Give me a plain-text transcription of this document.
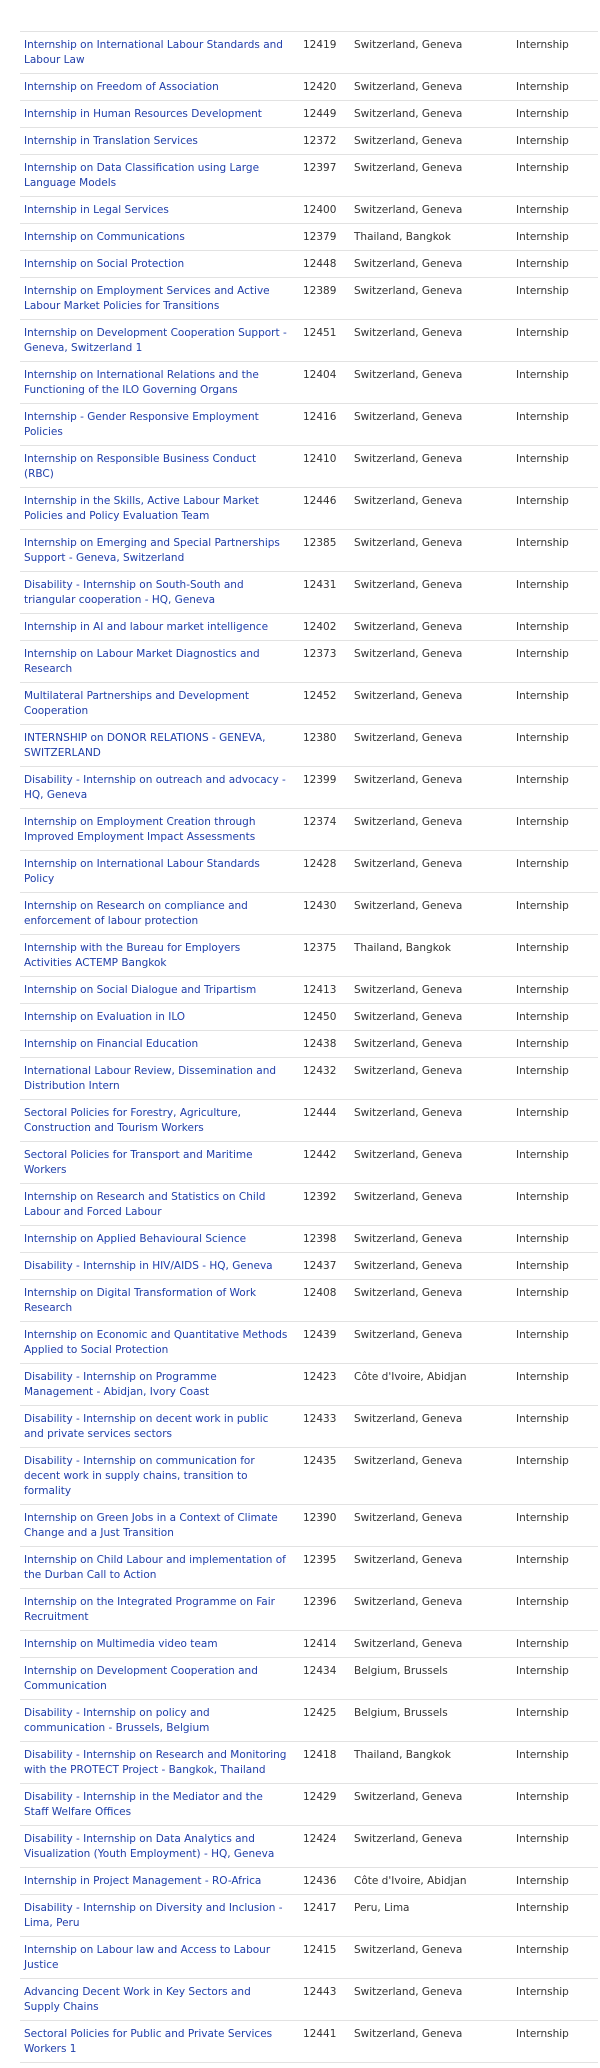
Internship on International Labour Standards and Labour Law	12419	Switzerland, Geneva	Internship

Internship on Freedom of Association	12420	Switzerland, Geneva	Internship

Internship in Human Resources Development	12449	Switzerland, Geneva	Internship

Internship in Translation Services	12372	Switzerland, Geneva	Internship

Internship on Data Classification using Large Language Models	12397	Switzerland, Geneva	Internship

Internship in Legal Services	12400	Switzerland, Geneva	Internship

Internship on Communications	12379	Thailand, Bangkok	Internship

Internship on Social Protection	12448	Switzerland, Geneva	Internship

Internship on Employment Services and Active Labour Market Policies for Transitions	12389	Switzerland, Geneva	Internship

Internship on Development Cooperation Support - Geneva, Switzerland 1	12451	Switzerland, Geneva	Internship

Internship on International Relations and the Functioning of the ILO Governing Organs	12404	Switzerland, Geneva	Internship

Internship - Gender Responsive Employment Policies	12416	Switzerland, Geneva	Internship

Internship on Responsible Business Conduct (RBC)	12410	Switzerland, Geneva	Internship

Internship in the Skills, Active Labour Market Policies and Policy Evaluation Team	12446	Switzerland, Geneva	Internship

Internship on Emerging and Special Partnerships Support - Geneva, Switzerland	12385	Switzerland, Geneva	Internship

Disability - Internship on South-South and triangular cooperation - HQ, Geneva	12431	Switzerland, Geneva	Internship

Internship in AI and labour market intelligence	12402	Switzerland, Geneva	Internship

Internship on Labour Market Diagnostics and Research	12373	Switzerland, Geneva	Internship

Multilateral Partnerships and Development Cooperation	12452	Switzerland, Geneva	Internship

INTERNSHIP on DONOR RELATIONS - GENEVA, SWITZERLAND	12380	Switzerland, Geneva	Internship

Disability - Internship on outreach and advocacy - HQ, Geneva	12399	Switzerland, Geneva	Internship

Internship on Employment Creation through Improved Employment Impact Assessments	12374	Switzerland, Geneva	Internship

Internship on International Labour Standards Policy	12428	Switzerland, Geneva	Internship

Internship on Research on compliance and enforcement of labour protection	12430	Switzerland, Geneva	Internship

Internship with the Bureau for Employers Activities ACTEMP Bangkok	12375	Thailand, Bangkok	Internship

Internship on Social Dialogue and Tripartism	12413	Switzerland, Geneva	Internship

Internship on Evaluation in ILO	12450	Switzerland, Geneva	Internship

Internship on Financial Education	12438	Switzerland, Geneva	Internship

International Labour Review, Dissemination and Distribution Intern	12432	Switzerland, Geneva	Internship

Sectoral Policies for Forestry, Agriculture, Construction and Tourism Workers	12444	Switzerland, Geneva	Internship

Sectoral Policies for Transport and Maritime Workers	12442	Switzerland, Geneva	Internship

Internship on Research and Statistics on Child Labour and Forced Labour	12392	Switzerland, Geneva	Internship

Internship on Applied Behavioural Science	12398	Switzerland, Geneva	Internship

Disability - Internship in HIV/AIDS - HQ, Geneva	12437	Switzerland, Geneva	Internship

Internship on Digital Transformation of Work Research	12408	Switzerland, Geneva	Internship

Internship on Economic and Quantitative Methods Applied to Social Protection	12439	Switzerland, Geneva	Internship

Disability - Internship on Programme Management - Abidjan, Ivory Coast	12423	Côte d'Ivoire, Abidjan	Internship

Disability - Internship on decent work in public and private services sectors	12433	Switzerland, Geneva	Internship

Disability - Internship on communication for decent work in supply chains, transition to formality	12435	Switzerland, Geneva	Internship

Internship on Green Jobs in a Context of Climate Change and a Just Transition	12390	Switzerland, Geneva	Internship

Internship on Child Labour and implementation of the Durban Call to Action	12395	Switzerland, Geneva	Internship

Internship on the Integrated Programme on Fair Recruitment	12396	Switzerland, Geneva	Internship

Internship on Multimedia video team	12414	Switzerland, Geneva	Internship

Internship on Development Cooperation and Communication	12434	Belgium, Brussels	Internship

Disability - Internship on policy and communication - Brussels, Belgium	12425	Belgium, Brussels	Internship

Disability - Internship on Research and Monitoring with the PROTECT Project - Bangkok, Thailand	12418	Thailand, Bangkok	Internship

Disability - Internship in the Mediator and the Staff Welfare Offices	12429	Switzerland, Geneva	Internship

Disability - Internship on Data Analytics and Visualization (Youth Employment) - HQ, Geneva	12424	Switzerland, Geneva	Internship

Internship in Project Management - RO-Africa	12436	Côte d'Ivoire, Abidjan	Internship

Disability - Internship on Diversity and Inclusion - Lima, Peru	12417	Peru, Lima	Internship

Internship on Labour law and Access to Labour Justice	12415	Switzerland, Geneva	Internship

Advancing Decent Work in Key Sectors and Supply Chains	12443	Switzerland, Geneva	Internship

Sectoral Policies for Public and Private Services Workers 1	12441	Switzerland, Geneva	Internship
